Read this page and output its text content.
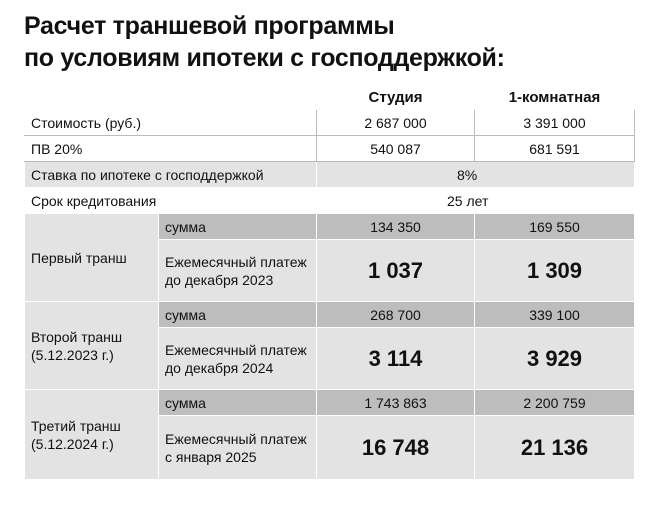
Расчет траншевой программы
по условиям ипотеки с господдержкой:
		Студия	1-комнатная
Стоимость (руб.)		2 687 000	3 391 000
ПВ 20%		540 087	681 591
Ставка по ипотеке с господдержкой		8%	
Срок кредитования		25 лет	

Первый транш	сумма	134 350	169 550
	Ежемесячный платеж до декабря 2023	1 037	1 309

Второй транш
(5.12.2023 г.)	сумма	268 700	339 100
	Ежемесячный платеж до декабря 2024	3 114	3 929

Третий транш
(5.12.2024 г.)	сумма	1 743 863	2 200 759
	Ежемесячный платеж с января 2025	16 748	21 136
